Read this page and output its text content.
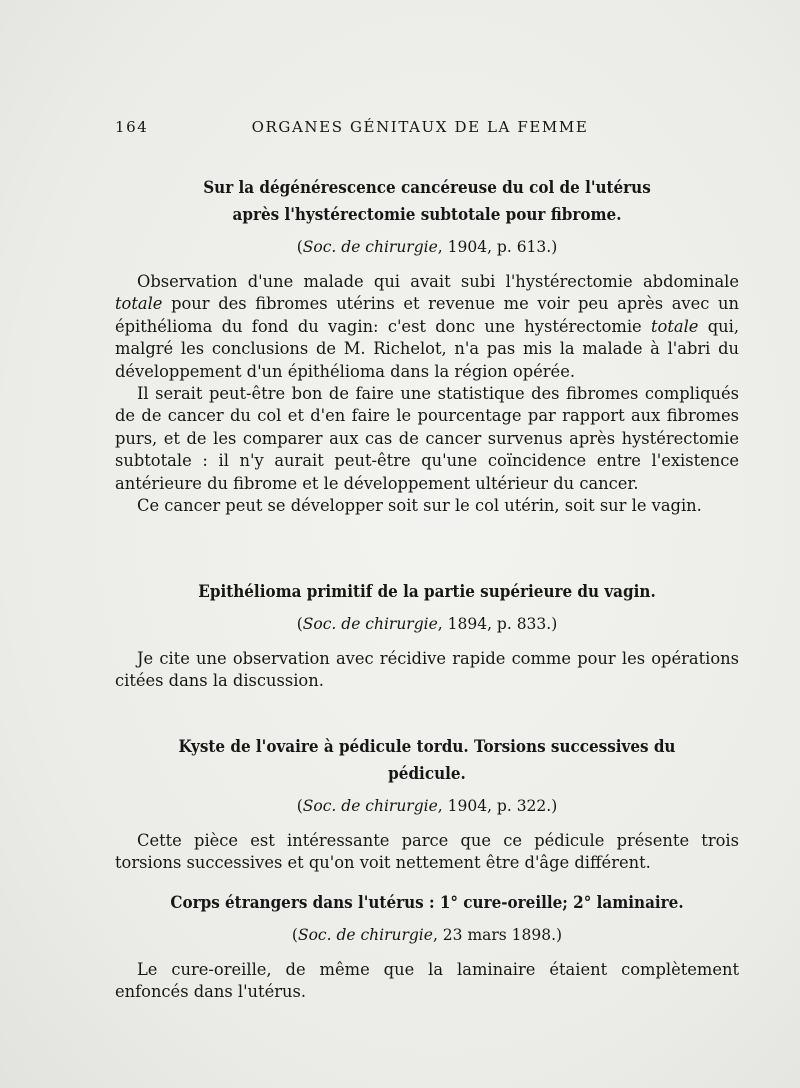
164	ORGANES GÉNITAUX DE LA FEMME
Sur la dégénérescence cancéreuse du col de l'utérus
après l'hystérectomie subtotale pour fibrome.
(Soc. de chirurgie, 1904, p. 613.)

Observation d'une malade qui avait subi l'hystérectomie abdominale totale pour des fibromes utérins et revenue me voir peu après avec un épithélioma du fond du vagin: c'est donc une hystérectomie totale qui, malgré les conclusions de M. Richelot, n'a pas mis la malade à l'abri du développement d'un épithélioma dans la région opérée.

Il serait peut-être bon de faire une statistique des fibromes compliqués de de cancer du col et d'en faire le pourcentage par rapport aux fibromes purs, et de les comparer aux cas de cancer survenus après hystérectomie subtotale : il n'y aurait peut-être qu'une coïncidence entre l'existence antérieure du fibrome et le développement ultérieur du cancer.

Ce cancer peut se développer soit sur le col utérin, soit sur le vagin.

Epithélioma primitif de la partie supérieure du vagin.
(Soc. de chirurgie, 1894, p. 833.)

Je cite une observation avec récidive rapide comme pour les opérations citées dans la discussion.

Kyste de l'ovaire à pédicule tordu. Torsions successives du pédicule.
(Soc. de chirurgie, 1904, p. 322.)

Cette pièce est intéressante parce que ce pédicule présente trois torsions successives et qu'on voit nettement être d'âge différent.

Corps étrangers dans l'utérus : 1° cure-oreille; 2° laminaire.
(Soc. de chirurgie, 23 mars 1898.)

Le cure-oreille, de même que la laminaire étaient complètement enfoncés dans l'utérus.
